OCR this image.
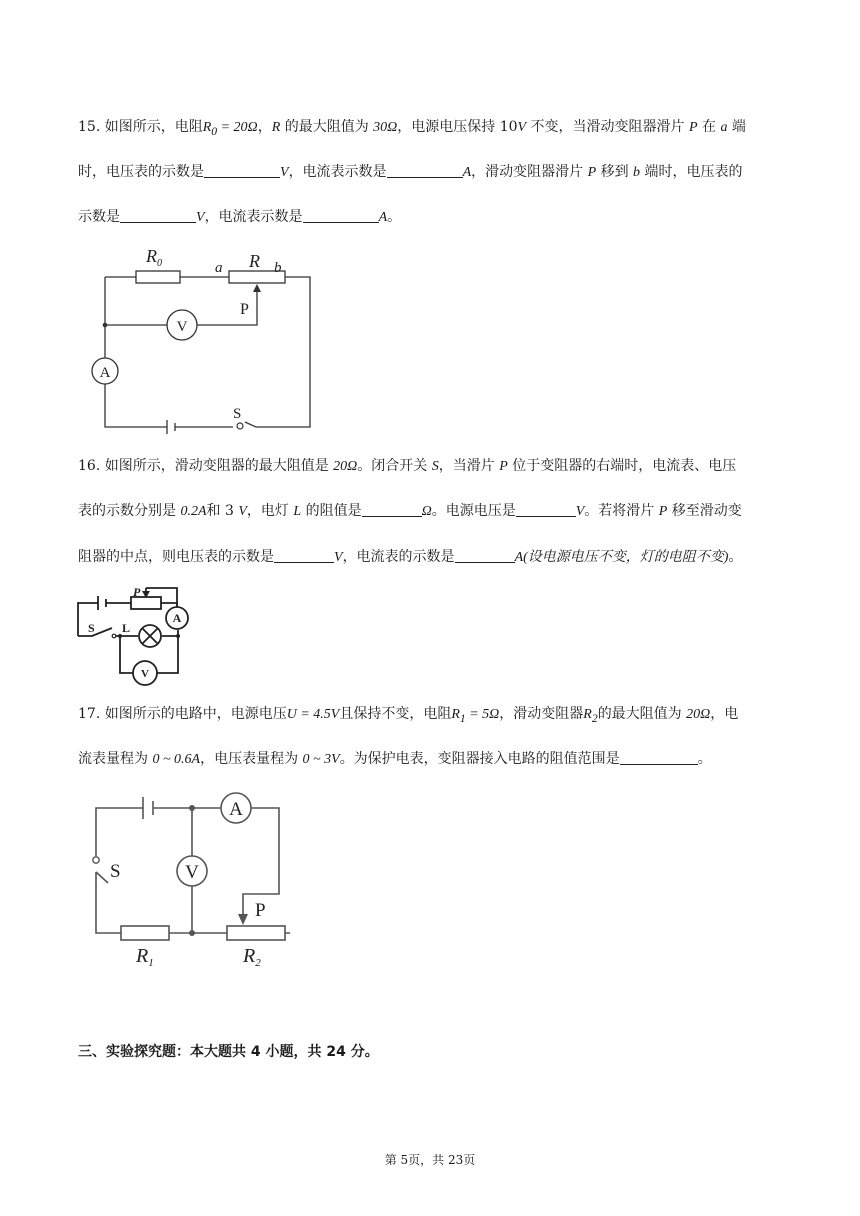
15. 如图所示，电阻$R_0 = 20\Omega$，R 的最大阻值为 30Ω，电源电压保持 10V 不变，当滑动变阻器滑片 P 在 a 端
时，电压表的示数是	V，电流表示数是	A，滑动变阻器滑片 P 移到 b 端时，电压表的
示数是	V，电流表示数是	A。
$R_0$	a R b
P
V
A
S
16. 如图所示，滑动变阻器的最大阻值是 20Ω。闭合开关 S，当滑片 P 位于变阻器的右端时，电流表、电压
表的示数分别是 0.2A和 3 V，电灯 L 的阻值是	Ω。电源电压是	V。若将滑片 P 移至滑动变
阻器的中点，则电压表的示数是	V，电流表的示数是	A(设电源电压不变，灯的电阻不变)。
P
A
S L
V
17. 如图所示的电路中，电源电压U = 4.5V且保持不变，电阻$R_1 = 5\Omega$，滑动变阻器$R_2$的最大阻值为 20Ω，电
流表量程为 0 ~ 0.6A，电压表量程为 0 ~ 3V。为保护电表，变阻器接入电路的阻值范围是	。
A
V
S
P
$R_1$	$R_2$
三、实验探究题：本大题共 4 小题，共 24 分。
第 5页，共 23页
